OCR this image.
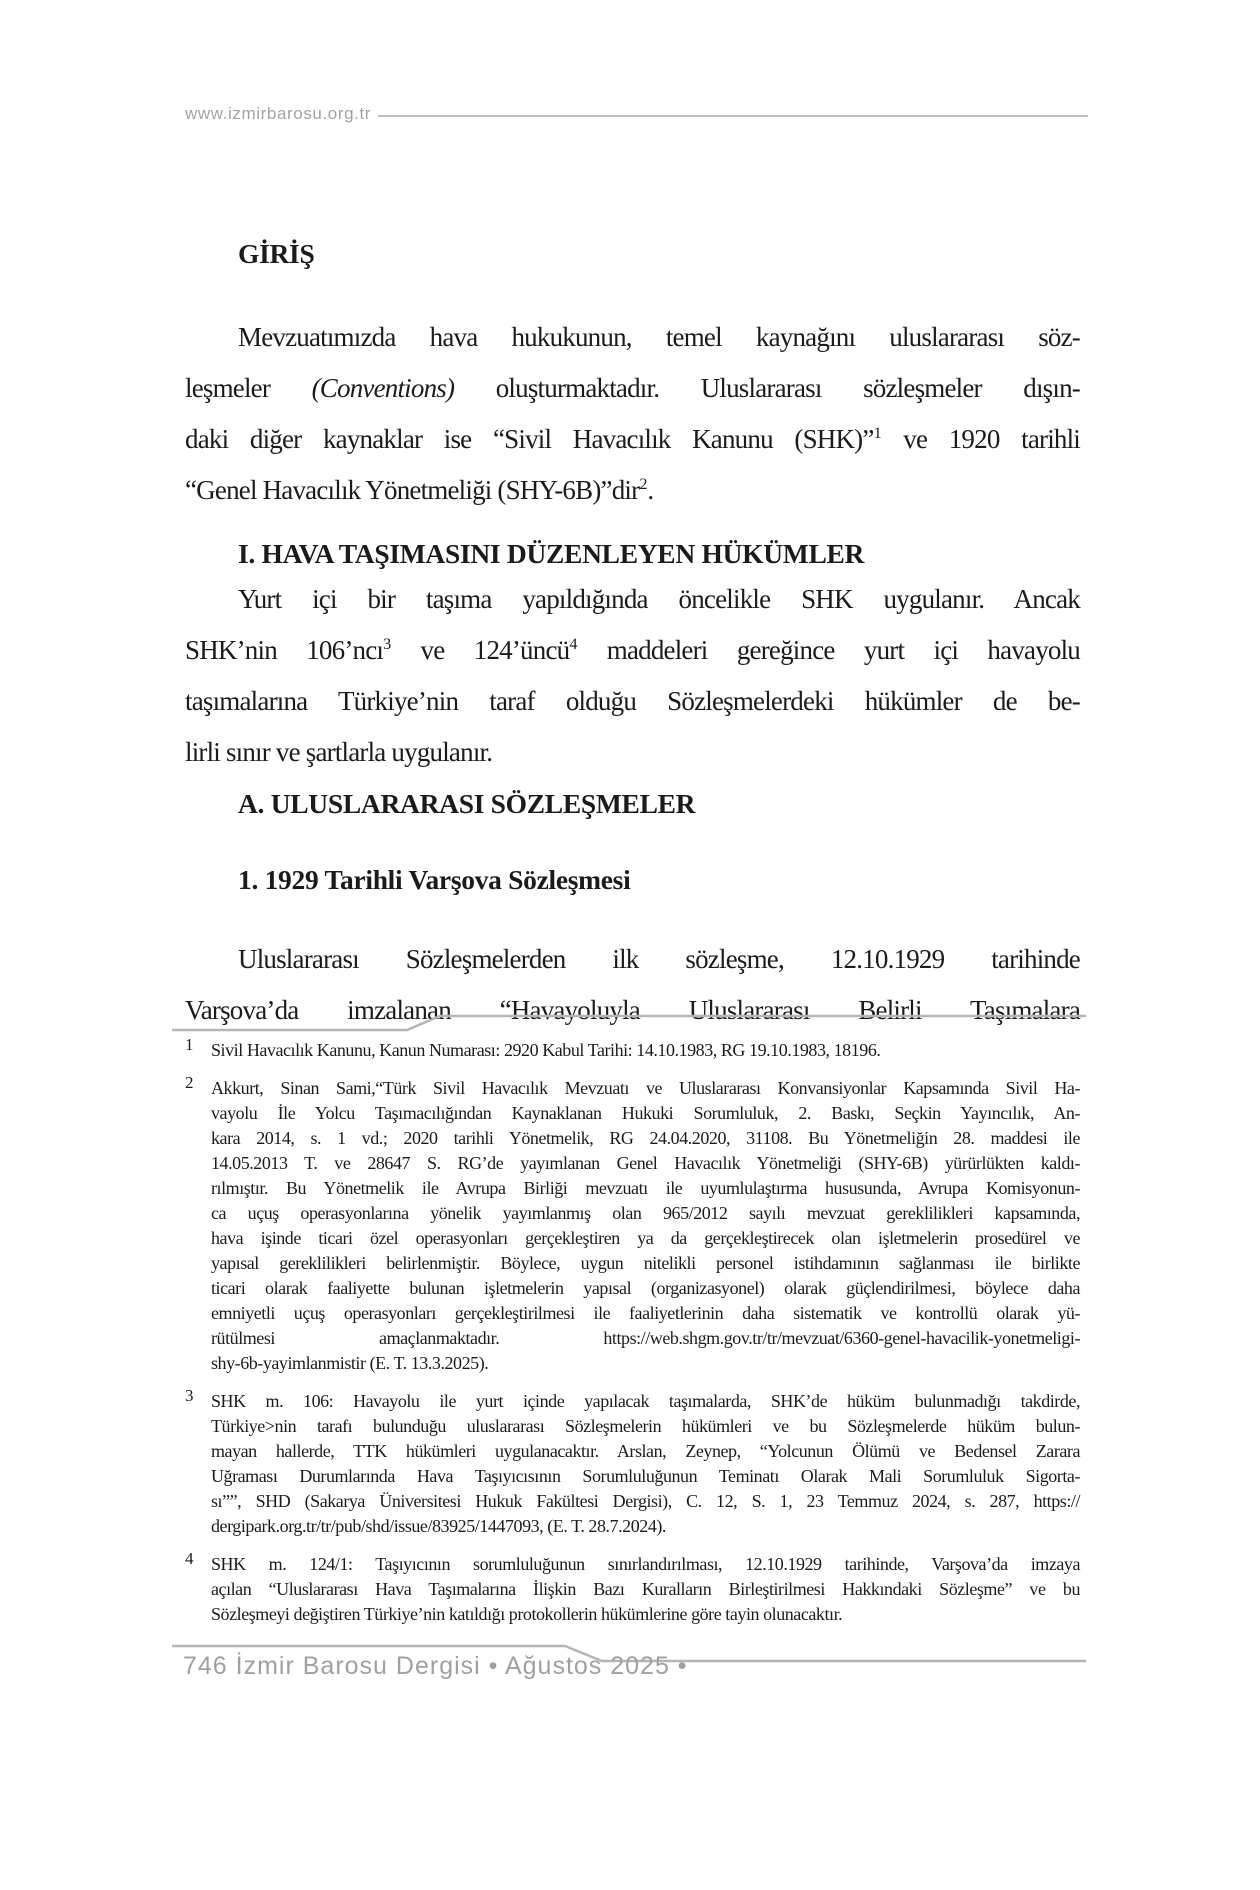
www.izmirbarosu.org.tr
GİRİŞ
Mevzuatımızda hava hukukunun, temel kaynağını uluslararası söz-
leşmeler (Conventions) oluşturmaktadır. Uluslararası sözleşmeler dışın-
daki diğer kaynaklar ise “Sivil Havacılık Kanunu (SHK)”$^1$ ve 1920 tarihli
“Genel Havacılık Yönetmeliği (SHY-6B)”dir$^2$.
I. HAVA TAŞIMASINI DÜZENLEYEN HÜKÜMLER
Yurt içi bir taşıma yapıldığında öncelikle SHK uygulanır. Ancak
SHK’nin 106’ncı$^3$ ve 124’üncü$^4$ maddeleri gereğince yurt içi havayolu
taşımalarına Türkiye’nin taraf olduğu Sözleşmelerdeki hükümler de be-
lirli sınır ve şartlarla uygulanır.
A. ULUSLARARASI SÖZLEŞMELER
1. 1929 Tarihli Varşova Sözleşmesi
Uluslararası Sözleşmelerden ilk sözleşme, 12.10.1929 tarihinde
Varşova’da imzalanan “Havayoluyla Uluslararası Belirli Taşımalara
1 Sivil Havacılık Kanunu, Kanun Numarası: 2920 Kabul Tarihi: 14.10.1983, RG 19.10.1983, 18196.
2 Akkurt, Sinan Sami,“Türk Sivil Havacılık Mevzuatı ve Uluslararası Konvansiyonlar Kapsamında Sivil Ha-
vayolu İle Yolcu Taşımacılığından Kaynaklanan Hukuki Sorumluluk, 2. Baskı, Seçkin Yayıncılık, An-
kara 2014, s. 1 vd.; 2020 tarihli Yönetmelik, RG 24.04.2020, 31108. Bu Yönetmeliğin 28. maddesi ile
14.05.2013 T. ve 28647 S. RG’de yayımlanan Genel Havacılık Yönetmeliği (SHY-6B) yürürlükten kaldı-
rılmıştır. Bu Yönetmelik ile Avrupa Birliği mevzuatı ile uyumlulaştırma hususunda, Avrupa Komisyonun-
ca uçuş operasyonlarına yönelik yayımlanmış olan 965/2012 sayılı mevzuat gereklilikleri kapsamında,
hava işinde ticari özel operasyonları gerçekleştiren ya da gerçekleştirecek olan işletmelerin prosedürel ve
yapısal gereklilikleri belirlenmiştir. Böylece, uygun nitelikli personel istihdamının sağlanması ile birlikte
ticari olarak faaliyette bulunan işletmelerin yapısal (organizasyonel) olarak güçlendirilmesi, böylece daha
emniyetli uçuş operasyonları gerçekleştirilmesi ile faaliyetlerinin daha sistematik ve kontrollü olarak yü-
rütülmesi amaçlanmaktadır. https://web.shgm.gov.tr/tr/mevzuat/6360-genel-havacilik-yonetmeligi-
shy-6b-yayimlanmistir (E. T. 13.3.2025).
3 SHK m. 106: Havayolu ile yurt içinde yapılacak taşımalarda, SHK’de hüküm bulunmadığı takdirde,
Türkiye>nin tarafı bulunduğu uluslararası Sözleşmelerin hükümleri ve bu Sözleşmelerde hüküm bulun-
mayan hallerde, TTK hükümleri uygulanacaktır. Arslan, Zeynep, “Yolcunun Ölümü ve Bedensel Zarara
Uğraması Durumlarında Hava Taşıyıcısının Sorumluluğunun Teminatı Olarak Mali Sorumluluk Sigorta-
sı””, SHD (Sakarya Üniversitesi Hukuk Fakültesi Dergisi), C. 12, S. 1, 23 Temmuz 2024, s. 287, https://
dergipark.org.tr/tr/pub/shd/issue/83925/1447093, (E. T. 28.7.2024).
4 SHK m. 124/1: Taşıyıcının sorumluluğunun sınırlandırılması, 12.10.1929 tarihinde, Varşova’da imzaya
açılan “Uluslararası Hava Taşımalarına İlişkin Bazı Kuralların Birleştirilmesi Hakkındaki Sözleşme” ve bu
Sözleşmeyi değiştiren Türkiye’nin katıldığı protokollerin hükümlerine göre tayin olunacaktır.
746 İzmir Barosu Dergisi • Ağustos 2025 •
